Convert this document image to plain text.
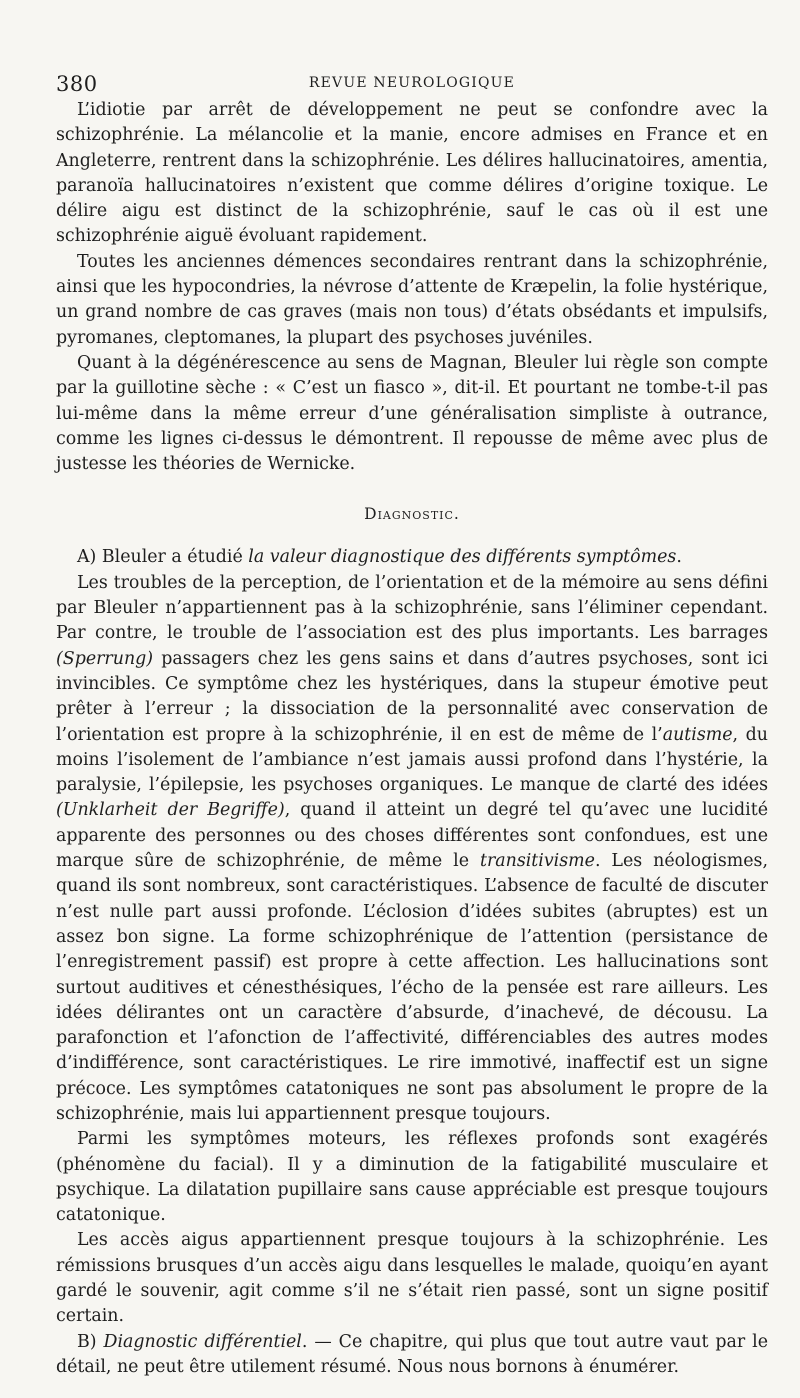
380	REVUE NEUROLOGIQUE

L’idiotie par arrêt de développement ne peut se confondre avec la schizophrénie. La mélancolie et la manie, encore admises en France et en Angleterre, rentrent dans la schizophrénie. Les délires hallucinatoires, amentia, paranoïa hallucinatoires n’existent que comme délires d’origine toxique. Le délire aigu est distinct de la schizophrénie, sauf le cas où il est une schizophrénie aiguë évoluant rapidement.

Toutes les anciennes démences secondaires rentrant dans la schizophrénie, ainsi que les hypocondries, la névrose d’attente de Kræpelin, la folie hystérique, un grand nombre de cas graves (mais non tous) d’états obsédants et impulsifs, pyromanes, cleptomanes, la plupart des psychoses juvéniles.

Quant à la dégénérescence au sens de Magnan, Bleuler lui règle son compte par la guillotine sèche : « C’est un fiasco », dit-il. Et pourtant ne tombe-t-il pas lui-même dans la même erreur d’une généralisation simpliste à outrance, comme les lignes ci-dessus le démontrent. Il repousse de même avec plus de justesse les théories de Wernicke.

Diagnostic.

A) Bleuler a étudié la valeur diagnostique des différents symptômes.

Les troubles de la perception, de l’orientation et de la mémoire au sens défini par Bleuler n’appartiennent pas à la schizophrénie, sans l’éliminer cependant. Par contre, le trouble de l’association est des plus importants. Les barrages (Sperrung) passagers chez les gens sains et dans d’autres psychoses, sont ici invincibles. Ce symptôme chez les hystériques, dans la stupeur émotive peut prêter à l’erreur ; la dissociation de la personnalité avec conservation de l’orientation est propre à la schizophrénie, il en est de même de l’autisme, du moins l’isolement de l’ambiance n’est jamais aussi profond dans l’hystérie, la paralysie, l’épilepsie, les psychoses organiques. Le manque de clarté des idées (Unklarheit der Begriffe), quand il atteint un degré tel qu’avec une lucidité apparente des personnes ou des choses différentes sont confondues, est une marque sûre de schizophrénie, de même le transitivisme. Les néologismes, quand ils sont nombreux, sont caractéristiques. L’absence de faculté de discuter n’est nulle part aussi profonde. L’éclosion d’idées subites (abruptes) est un assez bon signe. La forme schizophrénique de l’attention (persistance de l’enregistrement passif) est propre à cette affection. Les hallucinations sont surtout auditives et cénesthésiques, l’écho de la pensée est rare ailleurs. Les idées délirantes ont un caractère d’absurde, d’inachevé, de décousu. La parafonction et l’afonction de l’affectivité, différenciables des autres modes d’indifférence, sont caractéristiques. Le rire immotivé, inaffectif est un signe précoce. Les symptômes catatoniques ne sont pas absolument le propre de la schizophrénie, mais lui appartiennent presque toujours.

Parmi les symptômes moteurs, les réflexes profonds sont exagérés (phénomène du facial). Il y a diminution de la fatigabilité musculaire et psychique. La dilatation pupillaire sans cause appréciable est presque toujours catatonique.

Les accès aigus appartiennent presque toujours à la schizophrénie. Les rémissions brusques d’un accès aigu dans lesquelles le malade, quoiqu’en ayant gardé le souvenir, agit comme s’il ne s’était rien passé, sont un signe positif certain.

B) Diagnostic différentiel. — Ce chapitre, qui plus que tout autre vaut par le détail, ne peut être utilement résumé. Nous nous bornons à énumérer.
